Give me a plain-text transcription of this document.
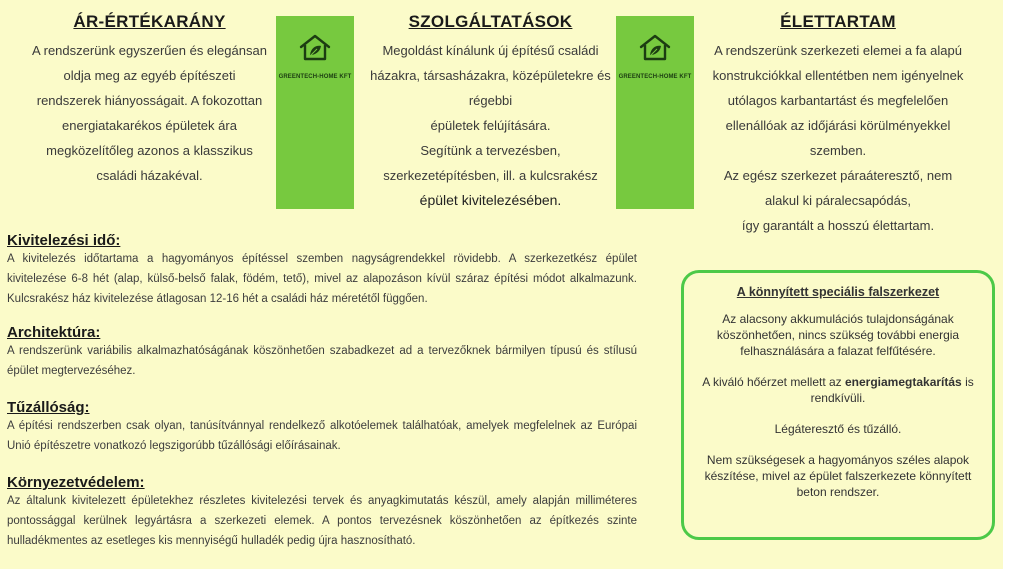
ÁR-ÉRTÉKARÁNY

A rendszerünk egyszerűen és elegánsan

oldja meg az egyéb építészeti

rendszerek hiányosságait. A fokozottan

energiatakarékos épületek ára

megközelítőleg azonos a klasszikus

családi házakéval.

GREENTECH-HOME KFT
SZOLGÁLTATÁSOK

Megoldást kínálunk új építésű családi

házakra, társasházakra, középületekre és

régebbi

épületek felújítására.

Segítünk a tervezésben,

szerkezetépítésben, ill. a kulcsrakész

épület kivitelezésében.

GREENTECH-HOME KFT
ÉLETTARTAM

A rendszerünk szerkezeti elemei a fa alapú

konstrukciókkal ellentétben nem igényelnek

utólagos karbantartást és megfelelően

ellenállóak az időjárási körülményekkel

szemben.

Az egész szerkezet páraáteresztő, nem

alakul ki páralecsapódás,

így garantált a hosszú élettartam.

Kivitelezési idő:

A kivitelezés időtartama a hagyományos építéssel szemben nagyságrendekkel rövidebb. A szerkezetkész épület kivitelezése 6-8 hét (alap, külső-belső falak, födém, tető), mivel az alapozáson kívül száraz építési módot alkalmazunk. Kulcsrakész ház kivitelezése átlagosan 12-16 hét a családi ház méretétől függően.

Architektúra:

A rendszerünk variábilis alkalmazhatóságának köszönhetően szabadkezet ad a tervezőknek bármilyen típusú és stílusú épület megtervezéséhez.

Tűzállóság:

A építési rendszerben csak olyan, tanúsítvánnyal rendelkező alkotóelemek találhatóak, amelyek megfelelnek az Európai Unió építészetre vonatkozó legszigorúbb tűzállósági előírásainak.

Környezetvédelem:

Az általunk kivitelezett épületekhez részletes kivitelezési tervek és anyagkimutatás készül, amely alapján milliméteres pontossággal kerülnek legyártásra a szerkezeti elemek. A pontos tervezésnek köszönhetően az építkezés szinte hulladékmentes az esetleges kis mennyiségű hulladék pedig újra hasznosítható.

A könnyített speciális falszerkezet

Az alacsony akkumulációs tulajdonságának köszönhetően, nincs szükség további energia felhasználására a falazat felfűtésére.

A kiváló hőérzet mellett az energiamegtakarítás is rendkívüli.

Légáteresztő és tűzálló.

Nem szükségesek a hagyományos széles alapok készítése, mivel az épület falszerkezete könnyített beton rendszer.
